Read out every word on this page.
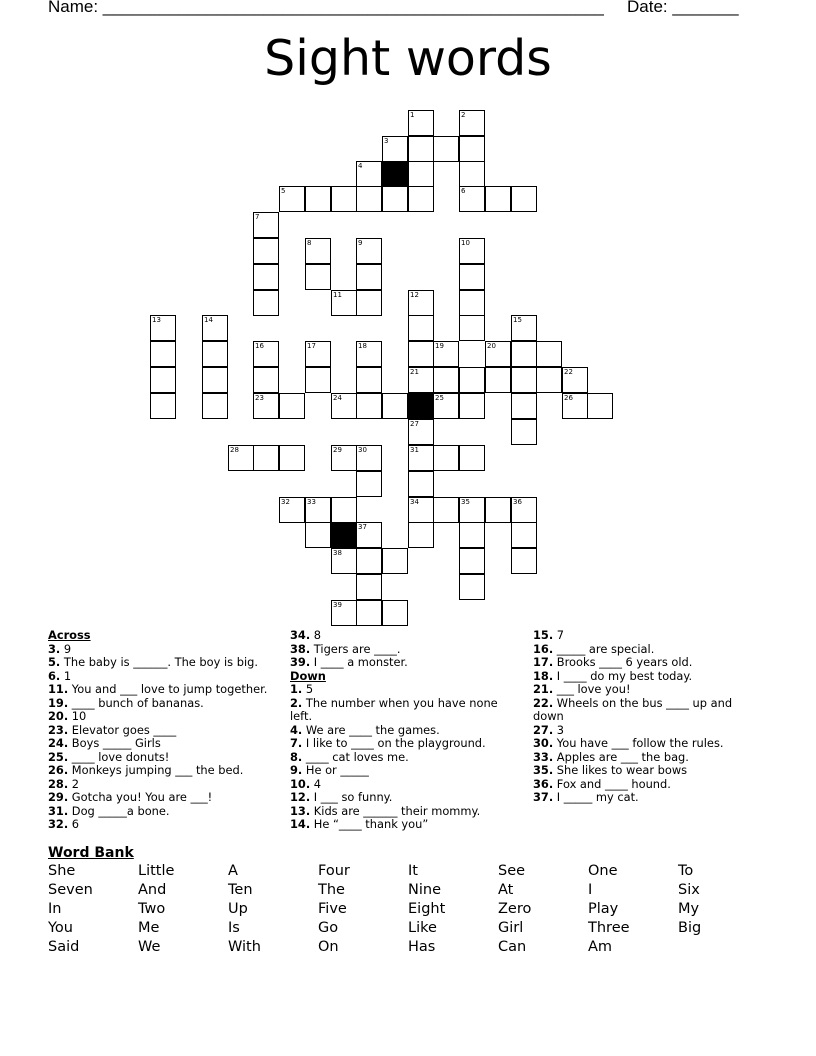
Name: _____________________________________________________ Date: _______
Sight words
1	2
3
4
5	6
7
8	9
11
10
12
13	14	15
16
23
17	18	19	20
21	22
26
24	25
27
31
28	29 30
32 33	34	35	36
37
38
39
Across
3. 9
5. The baby is ______. The boy is big.
6. 1
11. You and ___ love to jump together.
19. ____ bunch of bananas.
20. 10
23. Elevator goes ____
24. Boys _____ Girls
25. ____ love donuts!
26. Monkeys jumping ___ the bed.
28. 2
29. Gotcha you! You are ___!
31. Dog _____a bone.
32. 6
34. 8
38. Tigers are ____.
39. I ____ a monster.
Down
1. 5
2. The number when you have none left.
4. We are ____ the games.
7. I like to ____ on the playground.
8. ____ cat loves me.
9. He or _____
10. 4
12. I ___ so funny.
13. Kids are ______ their mommy.
14. He “____ thank you”
15. 7
16. _____ are special.
17. Brooks ____ 6 years old.
18. I ____ do my best today.
21. ___ love you!
22. Wheels on the bus ____ up and down
27. 3
30. You have ___ follow the rules.
33. Apples are ___ the bag.
35. She likes to wear bows
36. Fox and ____ hound.
37. I _____ my cat.
Word Bank
She	Little	A	Four	It	See	One	To
Seven	And	Ten	The	Nine	At	I	Six
In	Two	Up	Five	Eight	Zero	Play	My
You	Me	Is	Go	Like	Girl	Three	Big
Said	We	With	On	Has	Can	Am
